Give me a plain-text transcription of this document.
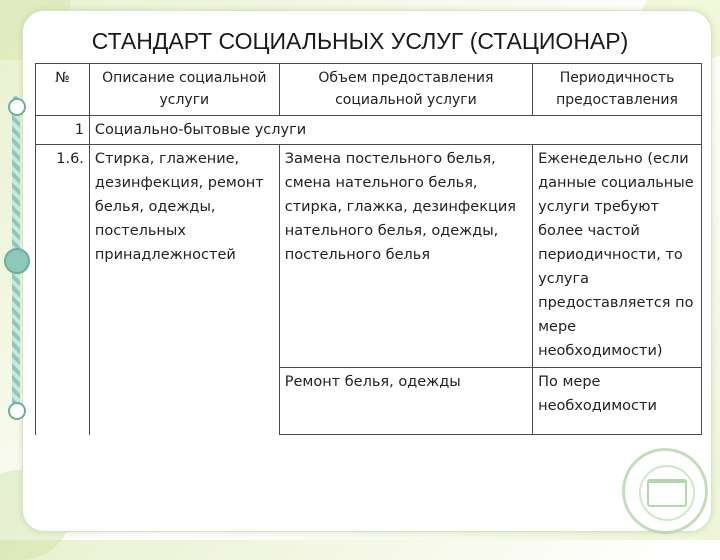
СТАНДАРТ СОЦИАЛЬНЫХ УСЛУГ (СТАЦИОНАР)
№	Описание социальной услуги	Объем предоставления социальной услуги	Периодичность предоставления
1	Социально-бытовые услуги		
1.6.	Стирка, глажение, дезинфекция, ремонт белья, одежды, постельных принадлежностей	Замена постельного белья, смена нательного белья, стирка, глажка, дезинфекция нательного белья, одежды, постельного белья	Еженедельно (если данные социальные услуги требуют более частой периодичности, то услуга предоставляется по мере необходимости)
		Ремонт белья, одежды	По мере необходимости
